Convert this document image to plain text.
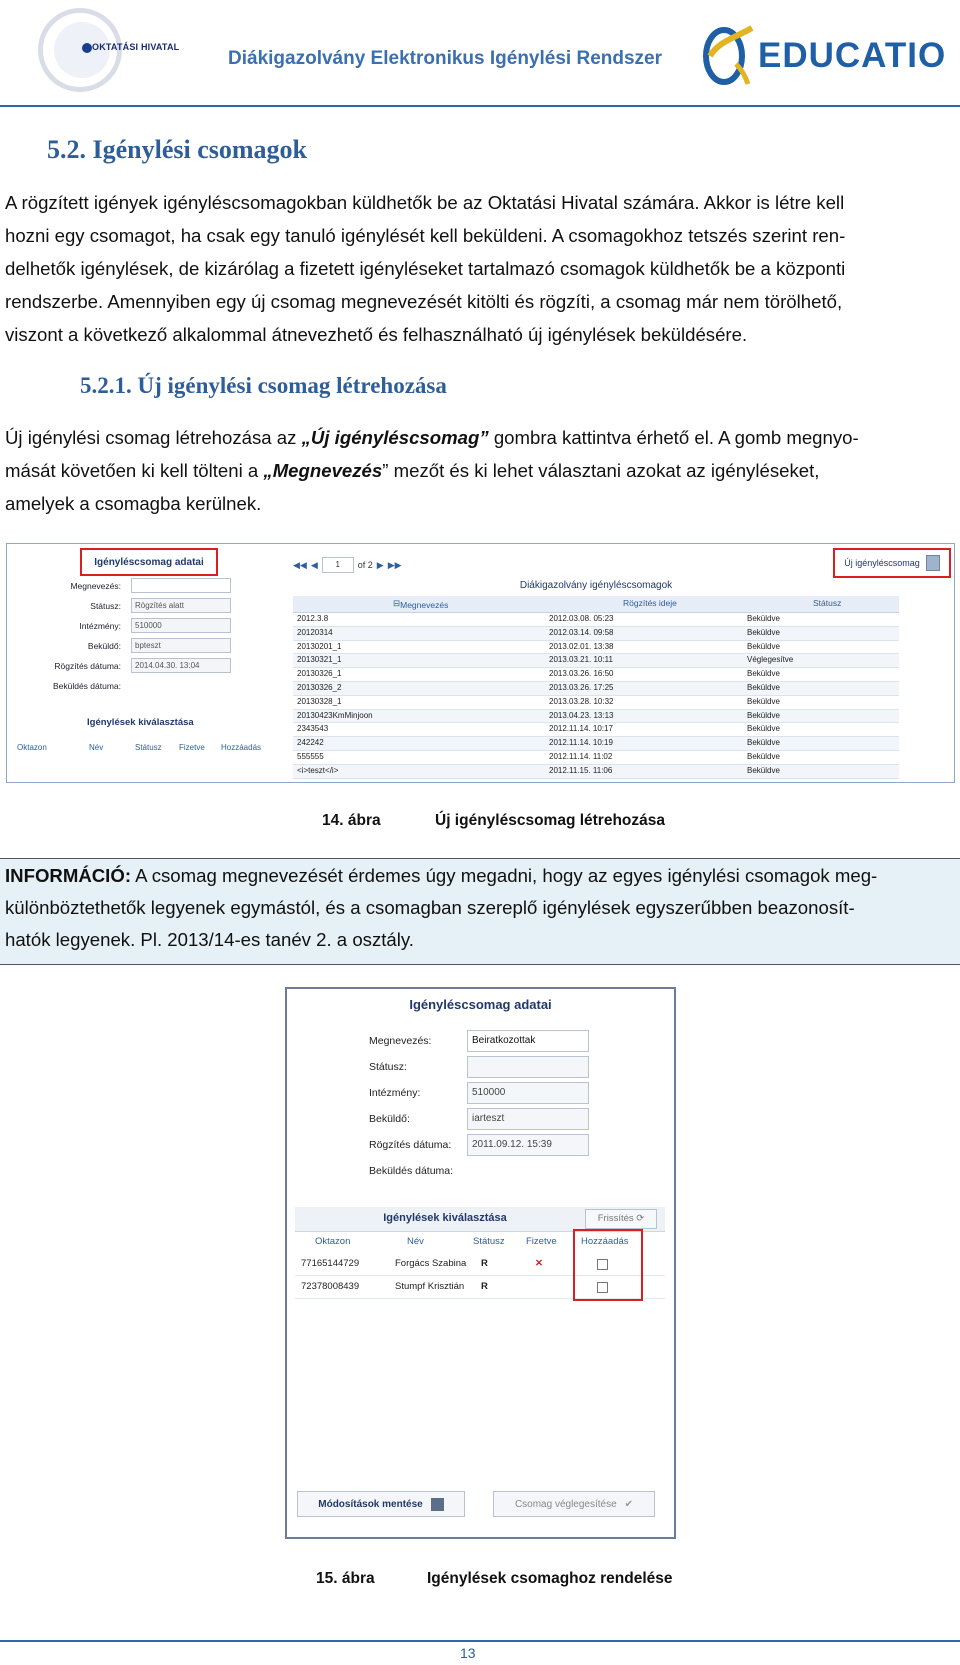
OKTATÁSI HIVATAL
Diákigazolvány Elektronikus Igénylési Rendszer	EDUCATIO
5.2. Igénylési csomagok

A rögzített igények igényléscsomagokban küldhetők be az Oktatási Hivatal számára. Akkor is létre kell
hozni egy csomagot, ha csak egy tanuló igénylését kell beküldeni. A csomagokhoz tetszés szerint ren-
delhetők igénylések, de kizárólag a fizetett igényléseket tartalmazó csomagok küldhetők be a központi
rendszerbe. Amennyiben egy új csomag megnevezését kitölti és rögzíti, a csomag már nem törölhető,
viszont a következő alkalommal átnevezhető és felhasználható új igénylések beküldésére.

5.2.1. Új igénylési csomag létrehozása

Új igénylési csomag létrehozása az „Új igényléscsomag” gombra kattintva érhető el. A gomb megnyo-
mását követően ki kell tölteni a „Megnevezés” mezőt és ki lehet választani azokat az igényléseket,
amelyek a csomagba kerülnek.

Igényléscsomag adatai
Megnevezés:
Státusz:	Rögzítés alatt
Intézmény:	510000
Beküldő:	bpteszt
Rögzítés dátuma:	2014.04.30. 13:04
Beküldés dátuma:
Igénylések kiválasztása
Oktazon	Név	Státusz Fizetve Hozzáadás
◀◀ ◀	1	of 2 ▶ ▶▶	Új igényléscsomag
Diákigazolvány igényléscsomagok
⊟ Megnevezés	Rögzítés ideje	Státusz
2012.3.8	2012.03.08. 05:23	Beküldve
20120314	2012.03.14. 09:58	Beküldve
20130201_1	2013.02.01. 13:38	Beküldve
20130321_1	2013.03.21. 10:11	Véglegesítve
20130326_1	2013.03.26. 16:50	Beküldve
20130326_2	2013.03.26. 17:25	Beküldve
20130328_1	2013.03.28. 10:32	Beküldve
20130423KmMinjoon	2013.04.23. 13:13	Beküldve
2343543	2012.11.14. 10:17	Beküldve
242242	2012.11.14. 10:19	Beküldve
555555	2012.11.14. 11:02	Beküldve
<i>teszt</i>	2012.11.15. 11:06	Beküldve
14. ábra	Új igényléscsomag létrehozása
INFORMÁCIÓ: A csomag megnevezését érdemes úgy megadni, hogy az egyes igénylési csomagok meg-
különböztethetők legyenek egymástól, és a csomagban szereplő igénylések egyszerűbben beazonosít-
hatók legyenek. Pl. 2013/14-es tanév 2. a osztály.
Igényléscsomag adatai
Megnevezés:	Beiratkozottak
Státusz:
Intézmény:	510000
Beküldő:	iarteszt
Rögzítés dátuma:	2011.09.12. 15:39
Beküldés dátuma:
Igénylések kiválasztása	Frissítés ⟳
Oktazon	Név	Státusz Fizetve	Hozzáadás
77165144729	Forgács Szabina R	✕
72378008439	Stumpf Krisztián R
Módosítások mentése	Csomag véglegesítése ✔
15. ábra	Igénylések csomaghoz rendelése
13
